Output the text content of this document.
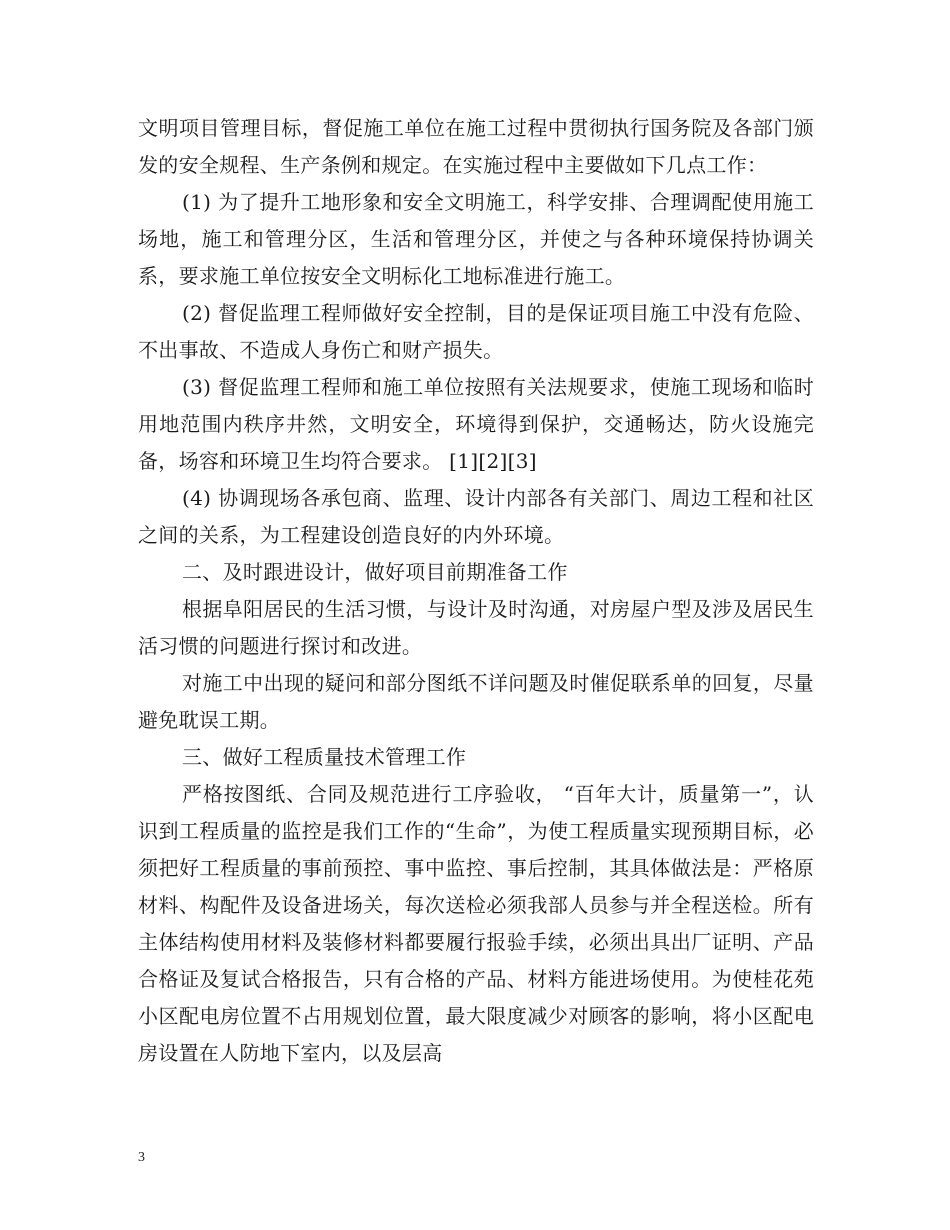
文明项目管理目标，督促施工单位在施工过程中贯彻执行国务院及各部门颁发的安全规程、生产条例和规定。在实施过程中主要做如下几点工作：

(1) 为了提升工地形象和安全文明施工，科学安排、合理调配使用施工场地，施工和管理分区，生活和管理分区，并使之与各种环境保持协调关系，要求施工单位按安全文明标化工地标准进行施工。

(2) 督促监理工程师做好安全控制，目的是保证项目施工中没有危险、不出事故、不造成人身伤亡和财产损失。

(3) 督促监理工程师和施工单位按照有关法规要求，使施工现场和临时用地范围内秩序井然，文明安全，环境得到保护，交通畅达，防火设施完备，场容和环境卫生均符合要求。 [1][2][3]

(4) 协调现场各承包商、监理、设计内部各有关部门、周边工程和社区之间的关系，为工程建设创造良好的内外环境。

二、及时跟进设计，做好项目前期准备工作

根据阜阳居民的生活习惯，与设计及时沟通，对房屋户型及涉及居民生活习惯的问题进行探讨和改进。

对施工中出现的疑问和部分图纸不详问题及时催促联系单的回复，尽量避免耽误工期。

三、做好工程质量技术管理工作

严格按图纸、合同及规范进行工序验收， “百年大计，质量第一”，认识到工程质量的监控是我们工作的“生命”，为使工程质量实现预期目标，必须把好工程质量的事前预控、事中监控、事后控制，其具体做法是：严格原材料、构配件及设备进场关，每次送检必须我部人员参与并全程送检。所有主体结构使用材料及装修材料都要履行报验手续，必须出具出厂证明、产品合格证及复试合格报告，只有合格的产品、材料方能进场使用。为使桂花苑小区配电房位置不占用规划位置，最大限度减少对顾客的影响，将小区配电房设置在人防地下室内，以及层高

3
